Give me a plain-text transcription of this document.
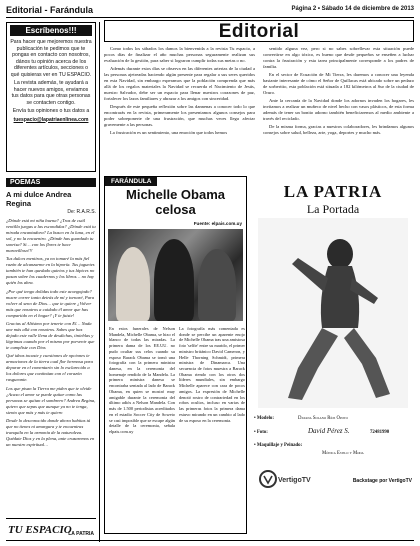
Editorial - Farándula	Página 2 • Sábado 14 de diciembre de 2013
Escríbenos!!!

Para hacer que mejoremos nuestra publicación te pedimos que te pongas en contacto con nosotros, dános tu opinión acerca de los diferentes artículos, secciones o qué quisieras ver en TU ESPACIO.

La revista además, te ayudará a hacer nuevos amigos, enviamos tus datos para que otras personas se contacten contigo.

Envía tus opiniones o tus datos a

tuespacio@lapatriaenlinea.com

POEMAS
A mi dulce Andrea Regina
De: R.A.R.S.

¿Dónde está mi niña buena? ¿Tras de cuál ventilla juegas a las escondidas? ¿Dónde está tu mirada encantadora? La busco en la luna, en el sol, y no la encuentro. ¿Dónde has guardado tu sonrisa? Si… con los flores te hace maravilloso!!!

Tus dulces mentiras, ya no tomaré la más fiel razón de alcanzarme en la hiporía. Tus juguetes también te han quedado quietos y tus lápices no pasan sobre los cuadernos y los libros… no hay quién los abra.

¿Por qué tengo dolidas todo este acongojado? mucre correr tanto detrás de mí y tornaré, Para volver al seno de Dios… que te quiere ¿Volver más que nosotros a cuidado él amor que has compartido en el hogar? ¡Y te fuiste!

Gracias al Altísimo por tenerte con El… Nada une más allá con nosotros. Sabes que has dejado este valle llena de desdichas, tinieblas y lágrimas cuando por el mismo por porvenir que te cumpliste con Dios

Qué ideas tocaste y cuestiones de opciones te armaciones de la tierra cual flor hermosa para depurar en el comentario sin lo esclarecido a los dolores que continúan con el corazón rasgueante.

Los que pisan la Tierra me piden que te olvide ¿Acaso el amor se puede quitar como las personas se quitan el sombrero? Andrea Regina, quiero que sepas que aunque ya no te tenga, siento que más y más te quiero

Desde lo desconocido donde ahora habitas tú que no tienes ni amargura y te encuentras tranquila en la armonía de la naturaleza. Quédate Dios y en la plena, ante cruzaremos en un nuestro espiritual…

TU ESPACIO
LA PATRIA
Editorial

Como todos los sábados los damos la bienvenida a la revista Tu espacio, a pocos días de finalizar el año muchas personas seguramente realizan sus evaluación de la gestión, para saber si lograron cumplir todas sus metas o no.

Además durante estos días se observa en las diferentes arterias de la ciudad a las personas ajetreadas haciendo algún presente para regalar a sus seres queridos en esta Navidad, sin embargo esperamos que la población comprenda que más allá de los regalos materiales la Navidad se recuerda el Nacimiento de Jesús, nuestro Salvador, debe ser un espacio para llenar nuestros corazones de paz, fortalecer los lazos familiares y abrazar a los amigos con sinceridad.

Después de este pequeña reflexión sobre las dannenas a conocer todo lo que encontrarás en la revista, primeramente los presentamos algunos consejos para poder sobreponerte de una frustración, que muchas veces llega afectar gravemente a las personas.

La frustración es un sentimiento, una emoción que todos hemos

sentido alguna vez, pero si no sabes sobrellevar esta situación puede convertirse en algo tóxico, es bueno que desde pequeños se enseñen a luchar contra la frustración y esta tarea principalmente corresponde a los padres de familia.

En el sector de Ecuación de Mi Tierra, les daremos a conocer una leyenda bastante interesante de cómo el Señor de Quillacas está ubicado sobre un pedazo de sorberitto, esta población está situada a 182 kilómetros al Sur de la ciudad de Oruro.

Ante la cercanía de la Navidad donde los adornos invaden los hogares, les invitamos a realizar un muñeco de nivel hecho con vasos plásticos, de esta forma además de tener un bonito adorno también beneficiaremos al medio ambiente a través del reciclado.

De la misma forma, gracias a nuestros colaboradores, les brindamos algunos consejos sobre salud, belleza, arte, yoga, deportes y mucho más.

FARÁNDULA
Michelle Obama
celosa
Fuente: elpais.com.uy

En estos funerales de Nelson Mandela, Michelle Obama, se hizo el blanco de todas las miradas. La primera dama de los EE.UU. no pudo ocultar sus celos cuando su esposo Barack Obama se tomó una fotografía con la primera ministra danesa, en la ceremonia del homenaje rendido de la Mandela. La primera ministra danesa se encontraba sentada al lado de Barack Obama, en quien se mostró muy amigable durante la ceremonia del último adiós a Nelson Mandela. Con más de 1.500 periodistas acreditados en el estadio Soccer City de Soweto se casi imposible que se escape algún detalle de la ceremonia, señala elpais.com.uy

La fotografía más comentada es donde se percibe un aparente enojo de Michelle Obama tras una amistosa foto 'selfie' entre su marido, el primer ministro británico David Cameron, y Helle Thorning Schmidt, primera ministra de Dinamarca. Una secuencia de fotos muestra a Barack Obama riendo con los otros dos líderes mundiales, sin embargo Michelle aparece con cara de pocos amigos. La expresión de Michelle denotó rostro de contrariedad en los robos ocultos, incluso en varias de las primeras fotos la primera dama estuvo mirando en un cambio al lado de su esposo en la ceremonia.

LA PATRIA
La Portada
• Modelo:	Dayana Solano Ríos Opoto
• Foto:	David Pérez S.	72481990
• Maquillaje y Peinado:
Mónica Estilo y Moda
VertigoTV	Backstage por VertigoTV
